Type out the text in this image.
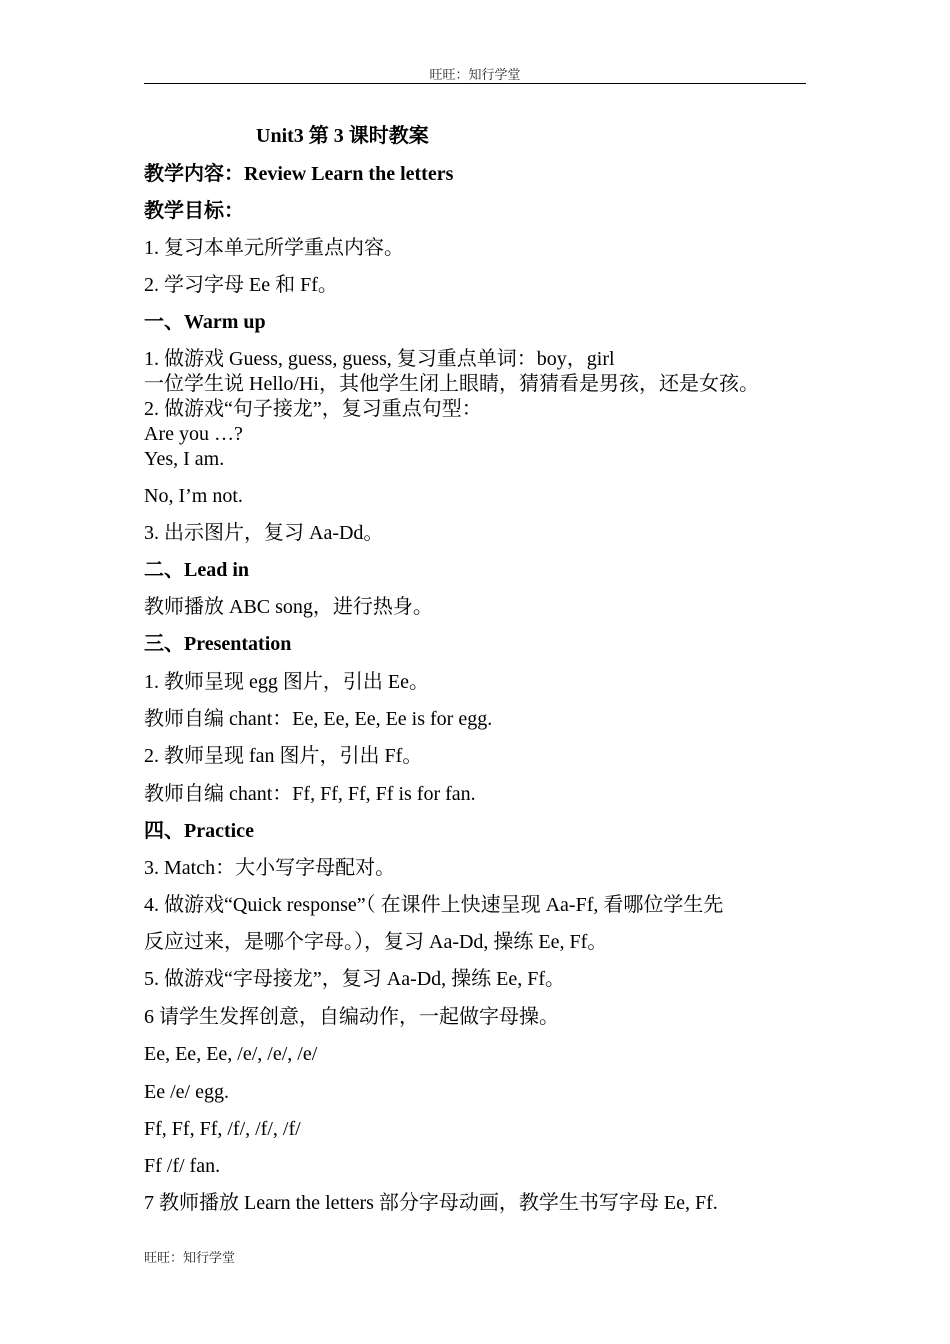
旺旺：知行学堂
Unit3 第 3 课时教案
教学内容：Review Learn the letters
教学目标：
1. 复习本单元所学重点内容。
2. 学习字母 Ee 和 Ff。
一、Warm up
1. 做游戏 Guess, guess, guess, 复习重点单词：boy，girl
一位学生说 Hello/Hi，其他学生闭上眼睛，猜猜看是男孩，还是女孩。
2. 做游戏“句子接龙”，复习重点句型：
Are you …?
Yes, I am.
No, I’m not.
3. 出示图片，复习 Aa-Dd。
二、Lead in
教师播放 ABC song，进行热身。
三、Presentation
1. 教师呈现 egg 图片，引出 Ee。
教师自编 chant：Ee, Ee, Ee, Ee is for egg.
2. 教师呈现 fan 图片，引出 Ff。
教师自编 chant：Ff, Ff, Ff, Ff is for fan.
四、Practice
3. Match：大小写字母配对。
4. 做游戏“Quick response”（ 在课件上快速呈现 Aa-Ff, 看哪位学生先
反应过来，是哪个字母。），复习 Aa-Dd, 操练 Ee, Ff。
5. 做游戏“字母接龙”，复习 Aa-Dd, 操练 Ee, Ff。
6 请学生发挥创意，自编动作，一起做字母操。
Ee, Ee, Ee, /e/, /e/, /e/
Ee /e/ egg.
Ff, Ff, Ff, /f/, /f/, /f/
Ff /f/ fan.
7 教师播放 Learn the letters 部分字母动画，教学生书写字母 Ee, Ff.
旺旺：知行学堂
